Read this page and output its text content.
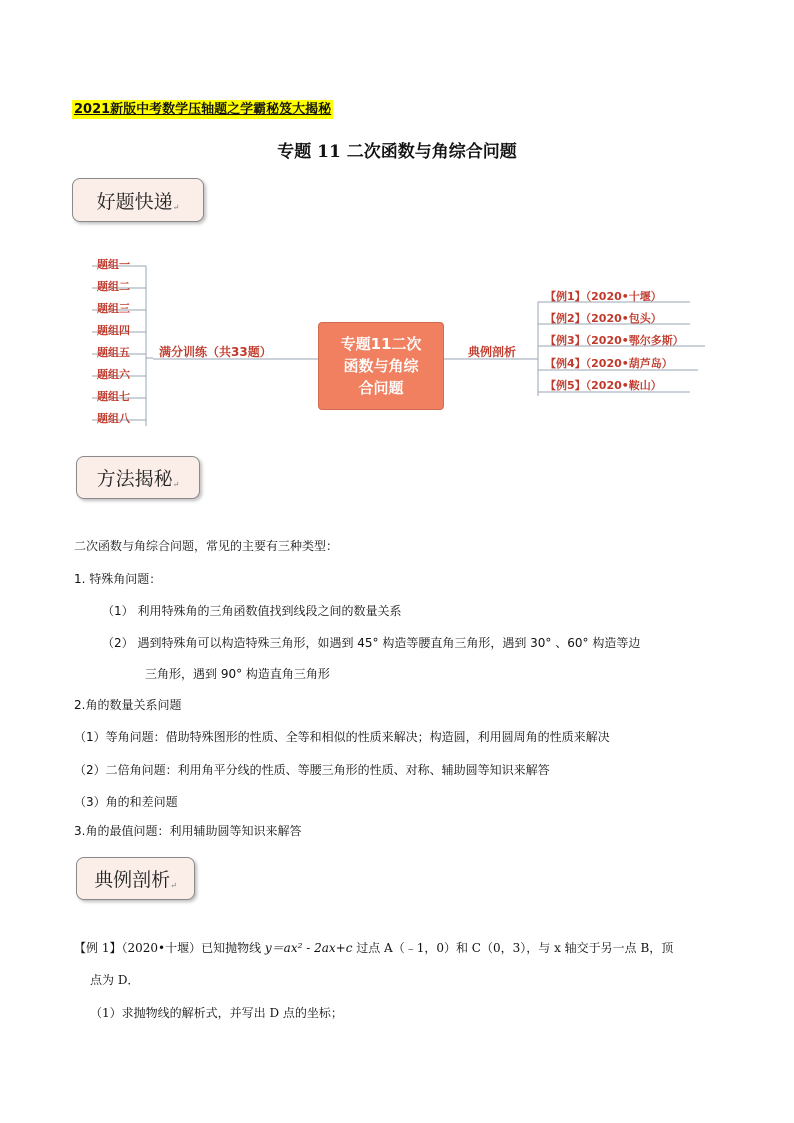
2021新版中考数学压轴题之学霸秘笈大揭秘
专题 11 二次函数与角综合问题
好题快递 ↵
题组一
题组二
题组三
题组四
题组五
题组六
题组七
题组八
满分训练（共33题）	专题11二次
函数与角综
合问题
典例剖析
【例1】（2020•十堰）
【例2】（2020•包头）
【例3】（2020•鄂尔多斯）
【例4】（2020•葫芦岛）
【例5】（2020•鞍山）
方法揭秘 ↵
二次函数与角综合问题，常见的主要有三种类型：
1. 特殊角问题：
（1） 利用特殊角的三角函数值找到线段之间的数量关系
（2） 遇到特殊角可以构造特殊三角形，如遇到 45° 构造等腰直角三角形，遇到 30° 、60° 构造等边
三角形，遇到 90° 构造直角三角形
2.角的数量关系问题
（1）等角问题：借助特殊图形的性质、全等和相似的性质来解决；构造圆，利用圆周角的性质来解决
（2）二倍角问题：利用角平分线的性质、等腰三角形的性质、对称、辅助圆等知识来解答
（3）角的和差问题
3.角的最值问题：利用辅助圆等知识来解答
典例剖析 ↵
【例 1】（2020•十堰）已知抛物线 y＝ax² - 2ax+c 过点 A（﹣1，0）和 C（0，3），与 x 轴交于另一点 B，顶
点为 D．
（1）求抛物线的解析式，并写出 D 点的坐标；
